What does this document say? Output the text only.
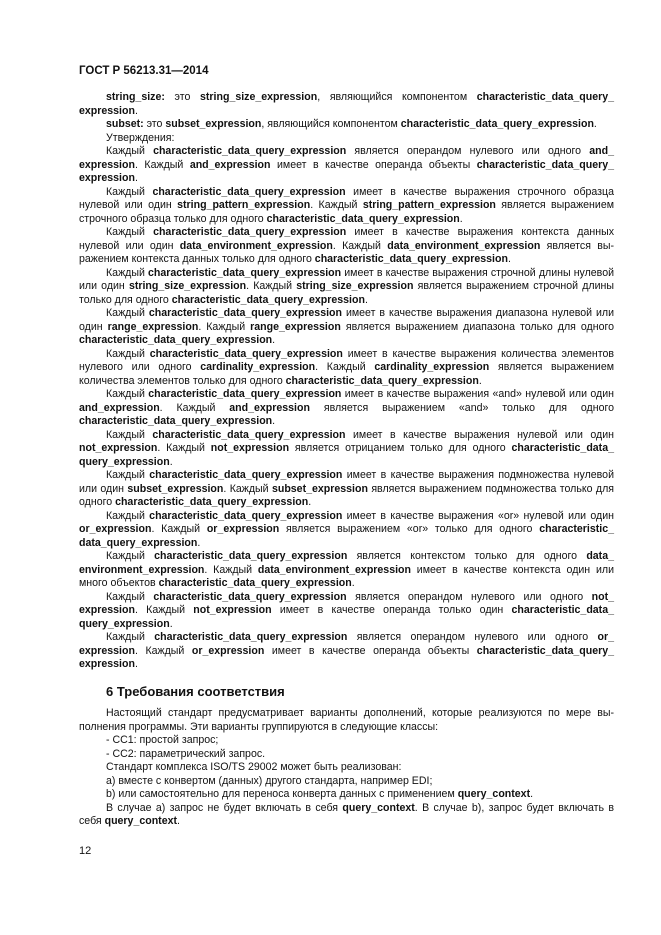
ГОСТ Р 56213.31—2014

string_size: это string_size_expression, являющийся компонентом characteristic_data_query_ expression.

subset: это subset_expression, являющийся компонентом characteristic_data_query_expression.

Утверждения:

Каждый characteristic_data_query_expression является операндом нулевого или одного and_ expression. Каждый and_expression имеет в качестве операнда объекты characteristic_data_query_ expression.

Каждый characteristic_data_query_expression имеет в качестве выражения строчного образца нулевой или один string_pattern_expression. Каждый string_pattern_expression является выражением строчного образца только для одного characteristic_data_query_expression.

Каждый characteristic_data_query_expression имеет в качестве выражения контекста данных нулевой или один data_environment_expression. Каждый data_environment_expression является выражением контекста данных только для одного characteristic_data_query_expression.

Каждый characteristic_data_query_expression имеет в качестве выражения строчной длины нулевой или один string_size_expression. Каждый string_size_expression является выражением строчной длины только для одного characteristic_data_query_expression.

Каждый characteristic_data_query_expression имеет в качестве выражения диапазона нулевой или один range_expression. Каждый range_expression является выражением диапазона только для одного characteristic_data_query_expression.

Каждый characteristic_data_query_expression имеет в качестве выражения количества элементов нулевого или одного cardinality_expression. Каждый cardinality_expression является выражением количества элементов только для одного characteristic_data_query_expression.

Каждый characteristic_data_query_expression имеет в качестве выражения «and» нулевой или один and_expression. Каждый and_expression является выражением «and» только для одного characteristic_data_query_expression.

Каждый characteristic_data_query_expression имеет в качестве выражения нулевой или один not_expression. Каждый not_expression является отрицанием только для одного characteristic_data_ query_expression.

Каждый characteristic_data_query_expression имеет в качестве выражения подмножества нулевой или один subset_expression. Каждый subset_expression является выражением подмножества только для одного characteristic_data_query_expression.

Каждый characteristic_data_query_expression имеет в качестве выражения «or» нулевой или один or_expression. Каждый or_expression является выражением «or» только для одного characteristic_ data_query_expression.

Каждый characteristic_data_query_expression является контекстом только для одного data_ environment_expression. Каждый data_environment_expression имеет в качестве контекста один или много объектов characteristic_data_query_expression.

Каждый characteristic_data_query_expression является операндом нулевого или одного not_ expression. Каждый not_expression имеет в качестве операнда только один characteristic_data_ query_expression.

Каждый characteristic_data_query_expression является операндом нулевого или одного or_ expression. Каждый or_expression имеет в качестве операнда объекты characteristic_data_query_ expression.

6 Требования соответствия

Настоящий стандарт предусматривает варианты дополнений, которые реализуются по мере выполнения программы. Эти варианты группируются в следующие классы:

- CC1: простой запрос;

- CC2: параметрический запрос.

Стандарт комплекса ISO/TS 29002 может быть реализован:

а) вместе с конвертом (данных) другого стандарта, например EDI;

b) или самостоятельно для переноса конверта данных с применением query_context.

В случае а) запрос не будет включать в себя query_context. В случае b), запрос будет включать в себя query_context.

12
